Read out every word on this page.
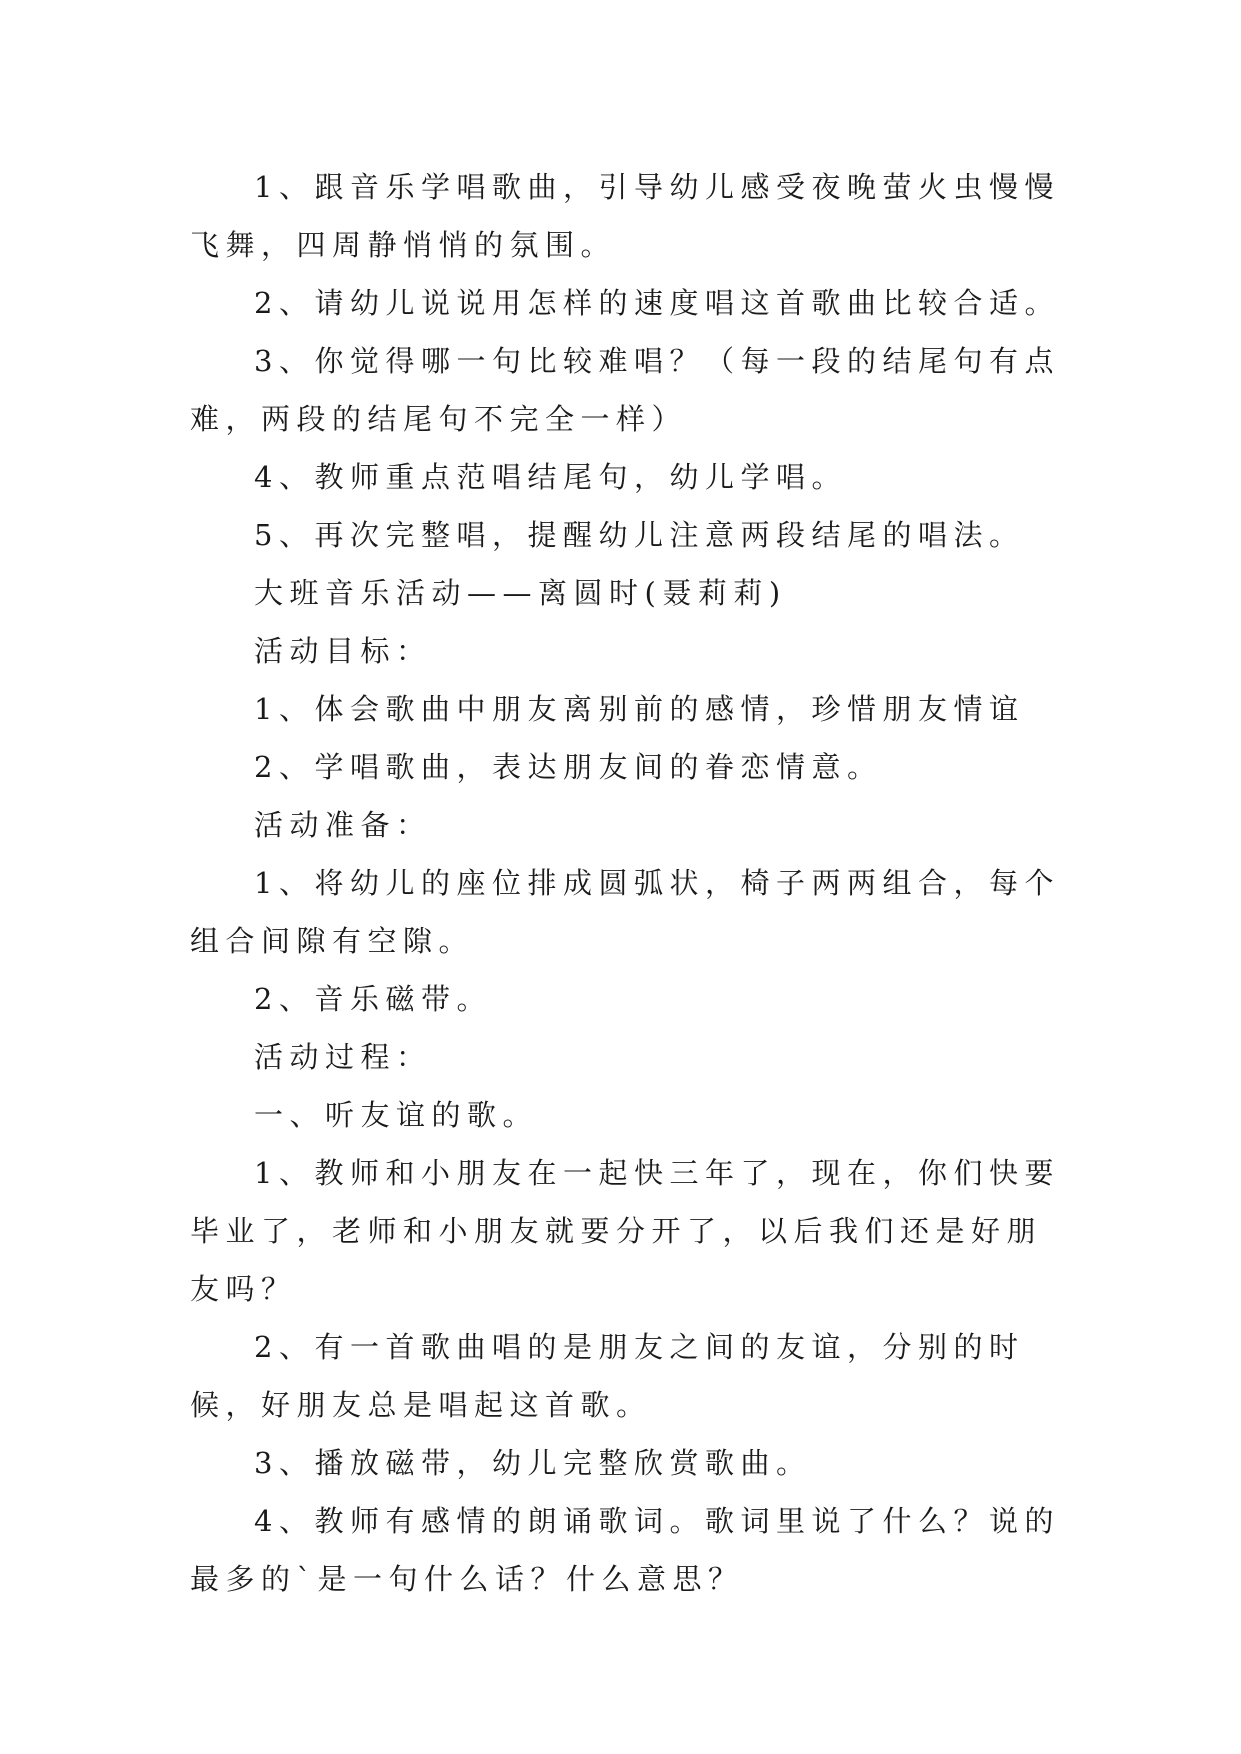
1、跟音乐学唱歌曲，引导幼儿感受夜晚萤火虫慢慢飞舞，四周静悄悄的氛围。

2、请幼儿说说用怎样的速度唱这首歌曲比较合适。

3、你觉得哪一句比较难唱？（每一段的结尾句有点难，两段的结尾句不完全一样）

4、教师重点范唱结尾句，幼儿学唱。

5、再次完整唱，提醒幼儿注意两段结尾的唱法。

大班音乐活动——离圆时(聂莉莉)

活动目标：

1、体会歌曲中朋友离别前的感情，珍惜朋友情谊

2、学唱歌曲，表达朋友间的眷恋情意。

活动准备：

1、将幼儿的座位排成圆弧状，椅子两两组合，每个组合间隙有空隙。

2、音乐磁带。

活动过程：

一、听友谊的歌。

1、教师和小朋友在一起快三年了，现在，你们快要毕业了，老师和小朋友就要分开了，以后我们还是好朋友吗？

2、有一首歌曲唱的是朋友之间的友谊，分别的时候，好朋友总是唱起这首歌。

3、播放磁带，幼儿完整欣赏歌曲。

4、教师有感情的朗诵歌词。歌词里说了什么？说的最多的`是一句什么话？什么意思？
